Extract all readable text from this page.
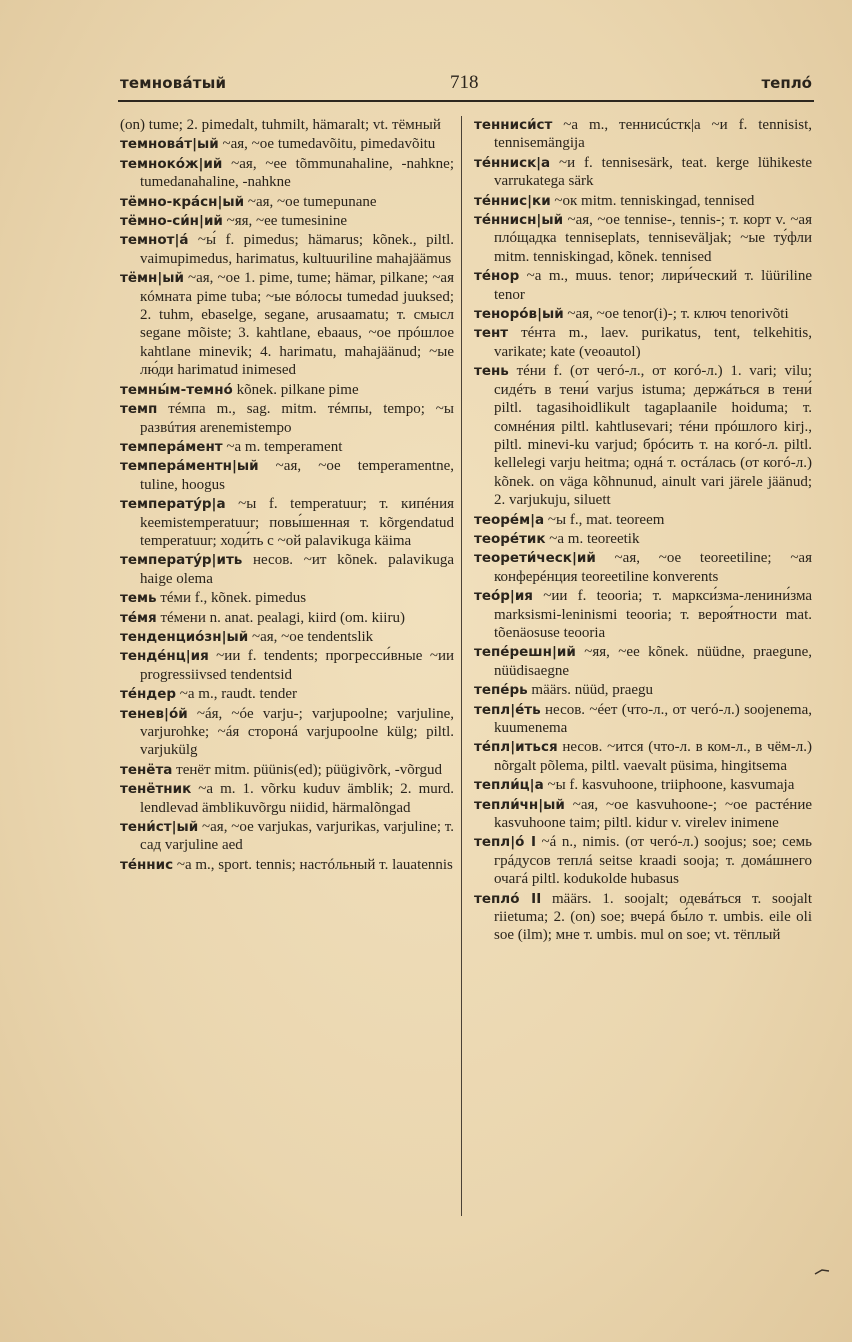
темновáтый	718	теплó
(on) tume; 2. pimedalt, tuhmilt, hämaralt; vt. тёмный
темновáт|ый ~ая, ~ое tumedavõitu, pimedavõitu
темнокóж|ий ~ая, ~ее tõmmunahaline, -nahkne; tumedanahaline, -nahkne
тёмно-крáсн|ый ~ая, ~ое tumepunane
тёмно-си́н|ий ~яя, ~ее tumesinine
темнот|á ~ы́ f. pimedus; hämarus; kõnek., piltl. vaimupimedus, harimatus, kultuuriline mahajäämus
тёмн|ый ~ая, ~ое 1. pime, tume; hämar, pilkane; ~ая кóмната pime tuba; ~ые вóлосы tumedad juuksed; 2. tuhm, ebaselge, segane, arusaamatu; т. смысл segane mõiste; 3. kahtlane, ebaaus, ~ое прóшлое kahtlane minevik; 4. harimatu, mahajäänud; ~ые лю́ди harimatud inimesed
темны́м-темнó kõnek. pilkane pime
темп тéмпа m., sag. mitm. тéмпы, tempo; ~ы развúтия arenemistempo
темперáмент ~а m. temperament
темперáментн|ый ~ая, ~ое temperamentne, tuline, hoogus
температу́р|а ~ы f. temperatuur; т. кипéния keemistemperatuur; повы́шенная т. kõrgendatud temperatuur; ходи́ть с ~ой palavikuga käima
температу́р|ить несов. ~ит kõnek. palavikuga haige olema
темь тéми f., kõnek. pimedus
тéмя тéмени n. anat. pealagi, kiird (om. kiiru)
тенденцио́зн|ый ~ая, ~ое tendentslik
тендéнц|ия ~ии f. tendents; прогресси́вные ~ии progressiivsed tendentsid
тéндер ~а m., raudt. tender
тенев|óй ~áя, ~óе varju-; varjupoolne; varjuline, varjurohke; ~áя сторонá varjupoolne külg; piltl. varjukülg
тенёта тенёт mitm. püünis(ed); püügivõrk, -võrgud
тенётник ~а m. 1. võrku kuduv ämblik; 2. murd. lendlevad ämblikuvõrgu niidid, härmalõngad
тени́ст|ый ~ая, ~ое varjukas, varjurikas, varjuline; т. сад varjuline aed
тéннис ~а m., sport. tennis; настóльный т. lauatennis
тенниси́ст ~а m., теннисúстк|а ~и f. tennisist, tennisemängija
тéннисĸ|а ~и f. tennisesärk, teat. kerge lühikeste varrukatega särk
тéннис|ки ~ок mitm. tenniskingad, tennised
тéннисн|ый ~ая, ~ое tennise-, tennis-; т. корт v. ~ая плóщадка tenniseplats, tenniseväljak; ~ые ту́фли mitm. tenniskingad, kõnek. tennised
тéнор ~а m., muus. tenor; лири́ческий т. lüüriline tenor
теноро́в|ый ~ая, ~ое tenor(i)-; т. ключ tenorivõti
тент тéнта m., laev. purikatus, tent, telkehitis, varikate; kate (veoautol)
тень тéни f. (от чегó-л., от когó-л.) 1. vari; vilu; сидéть в тени́ varjus istuma; держáться в тени́ piltl. tagasihoidlikult tagaplaanile hoiduma; т. сомнéния piltl. kahtlusevari; тéни прóшлого kirj., piltl. minevi-ku varjud; брóсить т. на когó-л. piltl. kellelegi varju heitma; однá т. остáлась (от когó-л.) kõnek. on väga kõhnunud, ainult vari järele jäänud; 2. varjukuju, siluett
теорéм|а ~ы f., mat. teoreem
теорéтик ~а m. teoreetik
теорети́ческ|ий ~ая, ~ое teoreetiline; ~ая конферéнция teoreetiline konverents
теóр|ия ~ии f. teooria; т. маркси́зма-ленини́зма marksismi-leninismi teooria; т. вероя́тности mat. tõenäosuse teooria
тепéрешн|ий ~яя, ~ее kõnek. nüüdne, praegune, nüüdisaegne
тепéрь määrs. nüüd, praegu
тепл|éть несов. ~éет (что-л., от чегó-л.) soojenema, kuumenema
тéпл|иться несов. ~ится (что-л. в ком-л., в чём-л.) nõrgalt põlema, piltl. vaevalt püsima, hingitsema
тепли́ц|а ~ы f. kasvuhoone, triiphoone, kasvumaja
тепли́чн|ый ~ая, ~ое kasvuhoone-; ~ое растéние kasvuhoone taim; piltl. kidur v. virelev inimene
тепл|ó I ~á n., nimis. (от чегó-л.) soojus; soe; семь грáдусов теплá seitse kraadi sooja; т. домáшнего очагá piltl. kodukolde hubasus
теплó II määrs. 1. soojalt; одевáться т. soojalt riietuma; 2. (on) soe; вчерá бы́ло т. umbis. eile oli soe (ilm); мне т. umbis. mul on soe; vt. тёплый
